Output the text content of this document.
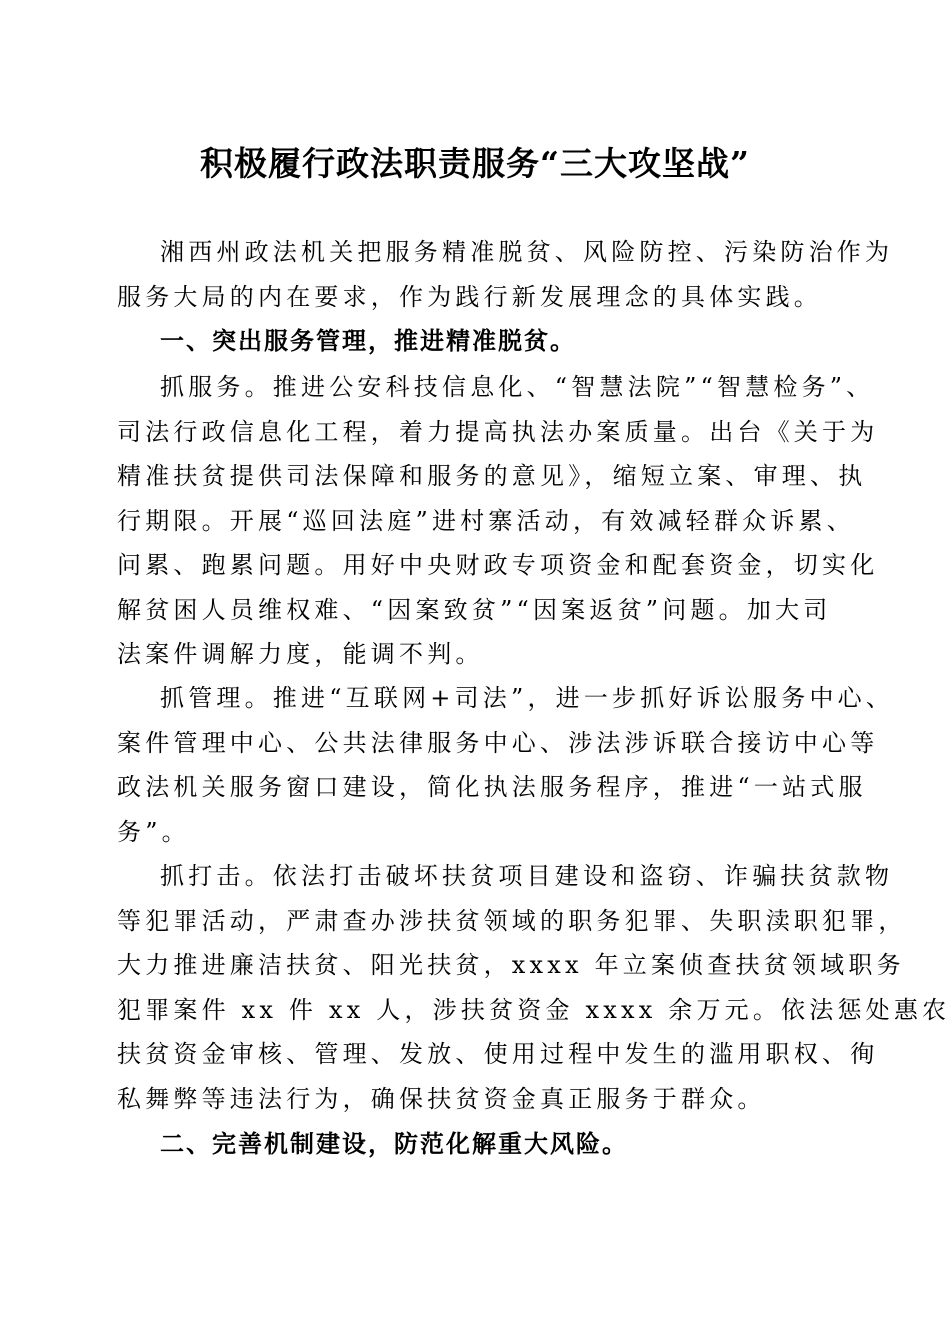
积极履行政法职责服务“三大攻坚战”
湘西州政法机关把服务精准脱贫、风险防控、污染防治作为
服务大局的内在要求，作为践行新发展理念的具体实践。
一、突出服务管理，推进精准脱贫。
抓服务。推进公安科技信息化、“智慧法院”“智慧检务”、
司法行政信息化工程，着力提高执法办案质量。出台《关于为
精准扶贫提供司法保障和服务的意见》，缩短立案、审理、执
行期限。开展“巡回法庭”进村寨活动，有效减轻群众诉累、
问累、跑累问题。用好中央财政专项资金和配套资金，切实化
解贫困人员维权难、“因案致贫”“因案返贫”问题。加大司
法案件调解力度，能调不判。
抓管理。推进“互联网+司法”，进一步抓好诉讼服务中心、
案件管理中心、公共法律服务中心、涉法涉诉联合接访中心等
政法机关服务窗口建设，简化执法服务程序，推进“一站式服
务”。
抓打击。依法打击破坏扶贫项目建设和盗窃、诈骗扶贫款物
等犯罪活动，严肃查办涉扶贫领域的职务犯罪、失职渎职犯罪，
大力推进廉洁扶贫、阳光扶贫，xxxx 年立案侦查扶贫领域职务
犯罪案件 xx 件 xx 人，涉扶贫资金 xxxx 余万元。依法惩处惠农
扶贫资金审核、管理、发放、使用过程中发生的滥用职权、徇
私舞弊等违法行为，确保扶贫资金真正服务于群众。
二、完善机制建设，防范化解重大风险。
